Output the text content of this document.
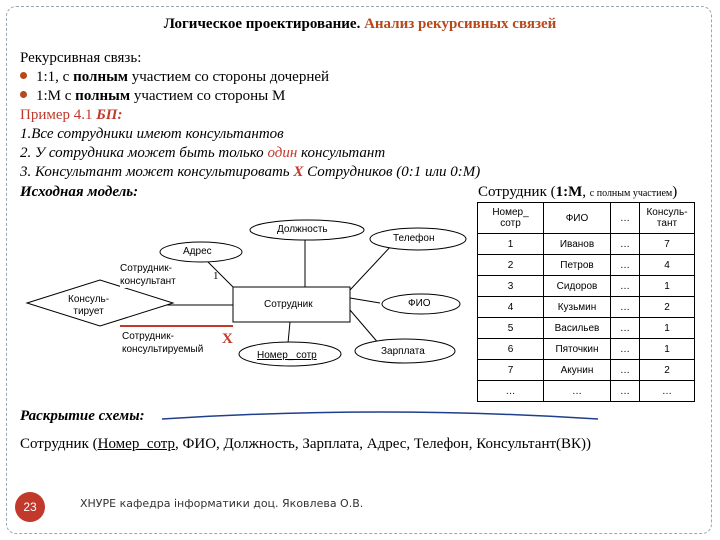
Логическое проектирование. Анализ рекурсивных связей
Рекурсивная связь:
1:1, с полным участием со стороны дочерней
1:М с полным участием со стороны М
Пример 4.1 БП:
1.Все сотрудники имеют консультантов
2. У сотрудника может быть только один консультант
3. Консультант может консультировать Х Сотрудников (0:1 или 0:М)
Исходная модель:	Сотрудник (1:М, с полным участием)
Должность
Адрес
Телефон
ФИО
Номер_ сотр	Зарплата
Сотрудник
Консуль-
тирует
Сотрудник-
консультант
Сотрудник-
консультируемый
1
X
Номер_
сотр	ФИО	…	Консуль-
тант
1	Иванов	…	7
2	Петров	…	4
3	Сидоров	…	1
4	Кузьмин	…	2
5	Васильев	…	1
6	Пяточкин	…	1
7	Акунин	…	2
…	…	…	…
Раскрытие схемы:
Сотрудник (Номер_сотр, ФИО, Должность, Зарплата, Адрес, Телефон, Консультант(ВК))
23	ХНУРЕ кафедра інформатики доц. Яковлева О.В.
